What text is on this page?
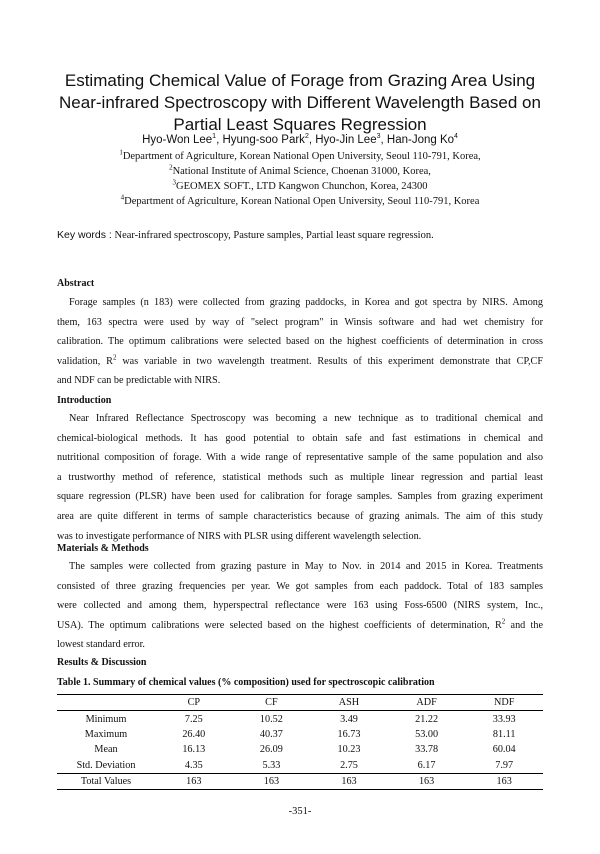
Estimating Chemical Value of Forage from Grazing Area Using
Near-infrared Spectroscopy with Different Wavelength Based on
Partial Least Squares Regression
Hyo-Won Lee$^1$, Hyung-soo Park$^2$, Hyo-Jin Lee$^3$, Han-Jong Ko$^4$
$^1$Department of Agriculture, Korean National Open University, Seoul 110-791, Korea,
$^2$National Institute of Animal Science, Choenan 31000, Korea,
$^3$GEOMEX SOFT., LTD Kangwon Chunchon, Korea, 24300
$^4$Department of Agriculture, Korean National Open University, Seoul 110-791, Korea
Key words : Near-infrared spectroscopy, Pasture samples, Partial least square regression.
Abstract
Forage samples (n 183) were collected from grazing paddocks, in Korea and got spectra by NIRS. Among
them, 163 spectra were used by way of "select program" in Winsis software and had wet chemistry for
calibration. The optimum calibrations were selected based on the highest coefficients of determination in cross
validation, $R^2$ was variable in two wavelength treatment. Results of this experiment demonstrate that CP,CF
and NDF can be predictable with NIRS.
Introduction
Near Infrared Reflectance Spectroscopy was becoming a new technique as to traditional chemical and
chemical-biological methods. It has good potential to obtain safe and fast estimations in chemical and
nutritional composition of forage. With a wide range of representative sample of the same population and also
a trustworthy method of reference, statistical methods such as multiple linear regression and partial least
square regression (PLSR) have been used for calibration for forage samples. Samples from grazing experiment
area are quite different in terms of sample characteristics because of grazing animals. The aim of this study
was to investigate performance of NIRS with PLSR using different wavelength selection.
Materials & Methods
The samples were collected from grazing pasture in May to Nov. in 2014 and 2015 in Korea. Treatments
consisted of three grazing frequencies per year. We got samples from each paddock. Total of 183 samples
were collected and among them, hyperspectral reflectance were 163 using Foss-6500 (NIRS system, Inc.,
USA). The optimum calibrations were selected based on the highest coefficients of determination, $R^2$ and the
lowest standard error.
Results & Discussion
Table 1. Summary of chemical values (% composition) used for spectroscopic calibration
	CP	CF	ASH	ADF	NDF
Minimum	7.25	10.52	3.49	21.22	33.93
Maximum	26.40	40.37	16.73	53.00	81.11
Mean	16.13	26.09	10.23	33.78	60.04
Std. Deviation	4.35	5.33	2.75	6.17	7.97
Total Values	163	163	163	163	163
-351-
